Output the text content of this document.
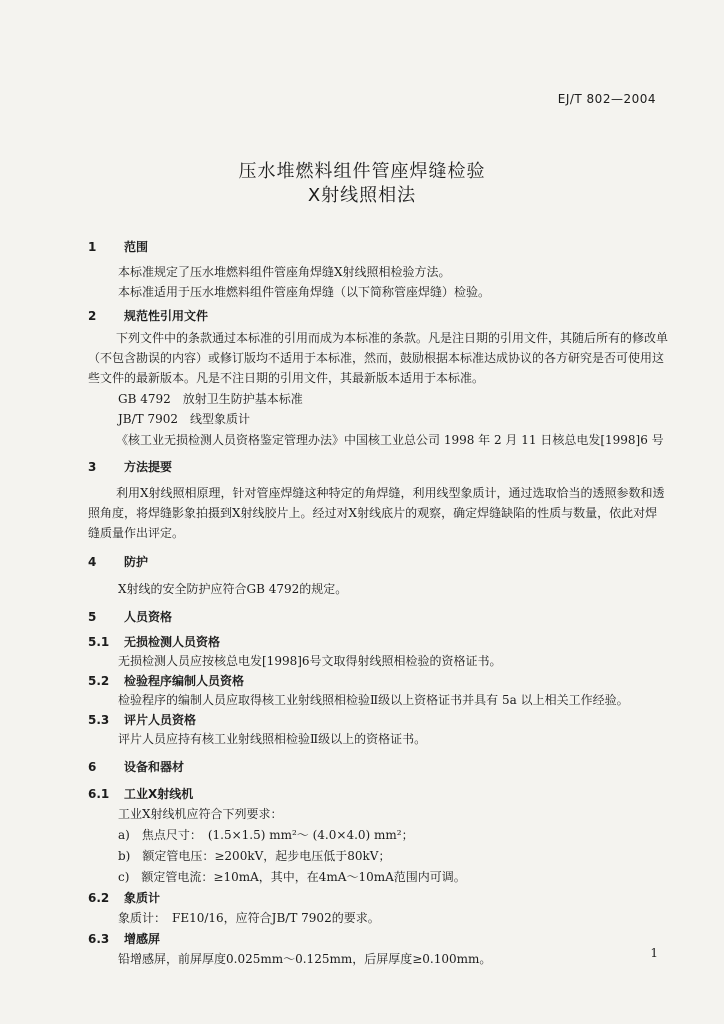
EJ/T 802—2004
压水堆燃料组件管座焊缝检验
X射线照相法
1 范围
本标准规定了压水堆燃料组件管座角焊缝X射线照相检验方法。
本标准适用于压水堆燃料组件管座角焊缝（以下简称管座焊缝）检验。
2 规范性引用文件
下列文件中的条款通过本标准的引用而成为本标准的条款。凡是注日期的引用文件，其随后所有的修改单（不包含勘误的内容）或修订版均不适用于本标准，然而，鼓励根据本标准达成协议的各方研究是否可使用这些文件的最新版本。凡是不注日期的引用文件，其最新版本适用于本标准。
GB 4792　放射卫生防护基本标准
JB/T 7902　线型象质计
《核工业无损检测人员资格鉴定管理办法》中国核工业总公司 1998 年 2 月 11 日核总电发[1998]6 号
3 方法提要
利用X射线照相原理，针对管座焊缝这种特定的角焊缝，利用线型象质计，通过选取恰当的透照参数和透照角度，将焊缝影象拍摄到X射线胶片上。经过对X射线底片的观察，确定焊缝缺陷的性质与数量，依此对焊缝质量作出评定。
4 防护
X射线的安全防护应符合GB 4792的规定。
5 人员资格
5.1 无损检测人员资格
无损检测人员应按核总电发[1998]6号文取得射线照相检验的资格证书。
5.2 检验程序编制人员资格
检验程序的编制人员应取得核工业射线照相检验Ⅱ级以上资格证书并具有 5a 以上相关工作经验。
5.3 评片人员资格
评片人员应持有核工业射线照相检验Ⅱ级以上的资格证书。
6 设备和器材
6.1 工业X射线机
工业X射线机应符合下列要求：
a)　焦点尺寸：　(1.5×1.5) mm²～ (4.0×4.0) mm²；
b)　额定管电压：≥200kV，起步电压低于80kV；
c)　额定管电流：≥10mA，其中，在4mA～10mA范围内可调。
6.2 象质计
象质计：　FE10/16，应符合JB/T 7902的要求。
6.3 增感屏
铅增感屏，前屏厚度0.025mm～0.125mm，后屏厚度≥0.100mm。	1
